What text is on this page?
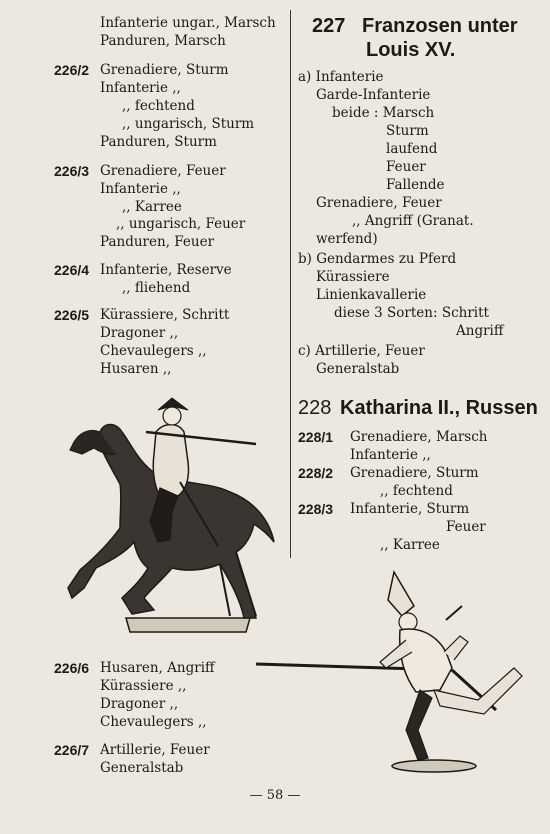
Infanterie ungar., Marsch
Panduren, Marsch
226/2 Grenadiere, Sturm
Infanterie ,,
,, fechtend
,, ungarisch, Sturm
Panduren, Sturm
226/3 Grenadiere, Feuer
Infanterie ,,
,, Karree
,, ungarisch, Feuer
Panduren, Feuer
226/4 Infanterie, Reserve
,, fliehend
226/5 Kürassiere, Schritt
Dragoner ,,
Chevaulegers ,,
Husaren ,,
226/6 Husaren, Angriff
Kürassiere ,,
Dragoner ,,
Chevaulegers ,,
226/7 Artillerie, Feuer
Generalstab
227 Franzosen unter
Louis XV.
a) Infanterie
Garde-Infanterie
beide : Marsch
Sturm
laufend
Feuer
Fallende
Grenadiere, Feuer
,, Angriff (Granat.
werfend)
b) Gendarmes zu Pferd
Kürassiere
Linienkavallerie
diese 3 Sorten: Schritt
Angriff
c) Artillerie, Feuer
Generalstab
228 Katharina II., Russen
228/1 Grenadiere, Marsch
Infanterie ,,
228/2 Grenadiere, Sturm
,, fechtend
228/3 Infanterie, Sturm
Feuer
,, Karree
— 58 —
